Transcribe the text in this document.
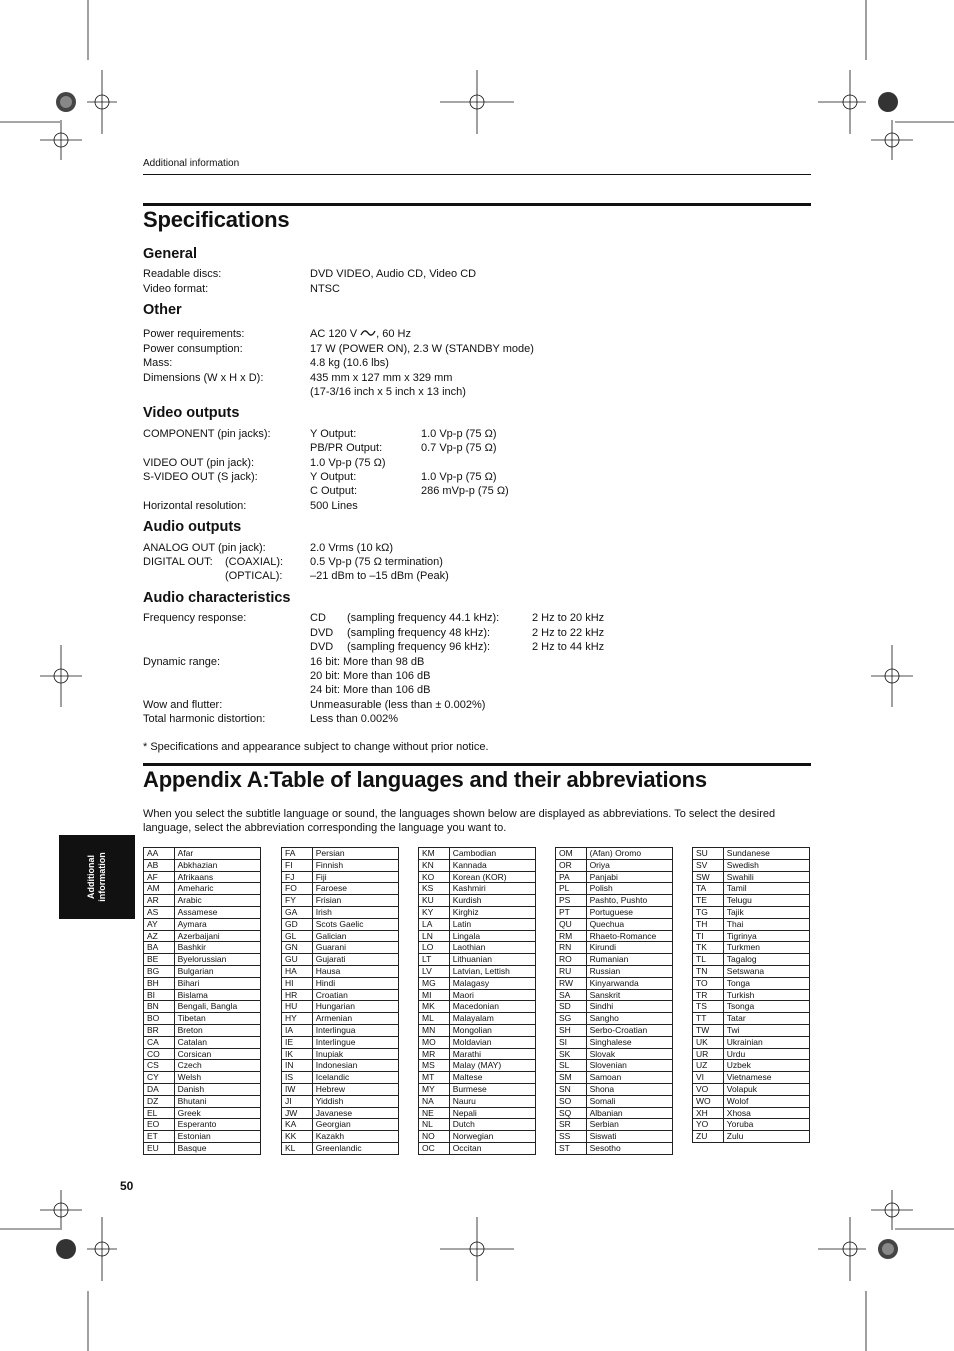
Additional information
Specifications
General
Readable discs:	DVD VIDEO, Audio CD, Video CD
Video format:	NTSC
Other
Power requirements:	AC 120 V , 60 Hz
Power consumption:	17 W (POWER ON), 2.3 W (STANDBY mode)
Mass:	4.8 kg (10.6 lbs)
Dimensions (W x H x D):	435 mm x 127 mm x 329 mm
(17-3/16 inch x 5 inch x 13 inch)
Video outputs
COMPONENT (pin jacks):	Y Output:	1.0 Vp-p (75 Ω)
PB/PR Output:	0.7 Vp-p (75 Ω)
VIDEO OUT (pin jack):	1.0 Vp-p (75 Ω)
S-VIDEO OUT (S jack):	Y Output:	1.0 Vp-p (75 Ω)
C Output:	286 mVp-p (75 Ω)
Horizontal resolution:	500 Lines
Audio outputs
ANALOG OUT (pin jack):	2.0 Vrms (10 kΩ)
DIGITAL OUT: (COAXIAL): 0.5 Vp-p (75 Ω termination)
(OPTICAL):	–21 dBm to –15 dBm (Peak)
Audio characteristics
Frequency response:	CD (sampling frequency 44.1 kHz):	2 Hz to 20 kHz
DVD (sampling frequency 48 kHz):	2 Hz to 22 kHz
DVD (sampling frequency 96 kHz):	2 Hz to 44 kHz
Dynamic range:	16 bit: More than 98 dB
20 bit: More than 106 dB
24 bit: More than 106 dB
Wow and flutter:	Unmeasurable (less than ± 0.002%)
Total harmonic distortion:	Less than 0.002%
* Specifications and appearance subject to change without prior notice.
Appendix A:Table of languages and their abbreviations
When you select the subtitle language or sound, the languages shown below are displayed as abbreviations. To select the desired language, select the abbreviation corresponding the language you want to.
Additional information	AA	Afar
AB	Abkhazian
AF	Afrikaans
AM	Ameharic
AR	Arabic
AS	Assamese
AY	Aymara
AZ	Azerbaijani
BA	Bashkir
BE	Byelorussian
BG	Bulgarian
BH	Bihari
BI	Bislama
BN	Bengali, Bangla
BO	Tibetan
BR	Breton
CA	Catalan
CO	Corsican
CS	Czech
CY	Welsh
DA	Danish
DZ	Bhutani
EL	Greek
EO	Esperanto
ET	Estonian
EU	Basque
FA	Persian
FI	Finnish
FJ	Fiji
FO	Faroese
FY	Frisian
GA	Irish
GD	Scots Gaelic
GL	Galician
GN	Guarani
GU	Gujarati
HA	Hausa
HI	Hindi
HR	Croatian
HU	Hungarian
HY	Armenian
IA	Interlingua
IE	Interlingue
IK	Inupiak
IN	Indonesian
IS	Icelandic
IW	Hebrew
JI	Yiddish
JW	Javanese
KA	Georgian
KK	Kazakh
KL	Greenlandic
KM	Cambodian
KN	Kannada
KO	Korean (KOR)
KS	Kashmiri
KU	Kurdish
KY	Kirghiz
LA	Latin
LN	Lingala
LO	Laothian
LT	Lithuanian
LV	Latvian, Lettish
MG	Malagasy
MI	Maori
MK	Macedonian
ML	Malayalam
MN	Mongolian
MO	Moldavian
MR	Marathi
MS	Malay (MAY)
MT	Maltese
MY	Burmese
NA	Nauru
NE	Nepali
NL	Dutch
NO	Norwegian
OC	Occitan
OM	(Afan) Oromo
OR	Oriya
PA	Panjabi
PL	Polish
PS	Pashto, Pushto
PT	Portuguese
QU	Quechua
RM	Rhaeto-Romance
RN	Kirundi
RO	Rumanian
RU	Russian
RW	Kinyarwanda
SA	Sanskrit
SD	Sindhi
SG	Sangho
SH	Serbo-Croatian
SI	Singhalese
SK	Slovak
SL	Slovenian
SM	Samoan
SN	Shona
SO	Somali
SQ	Albanian
SR	Serbian
SS	Siswati
ST	Sesotho
SU	Sundanese
SV	Swedish
SW	Swahili
TA	Tamil
TE	Telugu
TG	Tajik
TH	Thai
TI	Tigrinya
TK	Turkmen
TL	Tagalog
TN	Setswana
TO	Tonga
TR	Turkish
TS	Tsonga
TT	Tatar
TW	Twi
UK	Ukrainian
UR	Urdu
UZ	Uzbek
VI	Vietnamese
VO	Volapuk
WO	Wolof
XH	Xhosa
YO	Yoruba
ZU	Zulu
50
